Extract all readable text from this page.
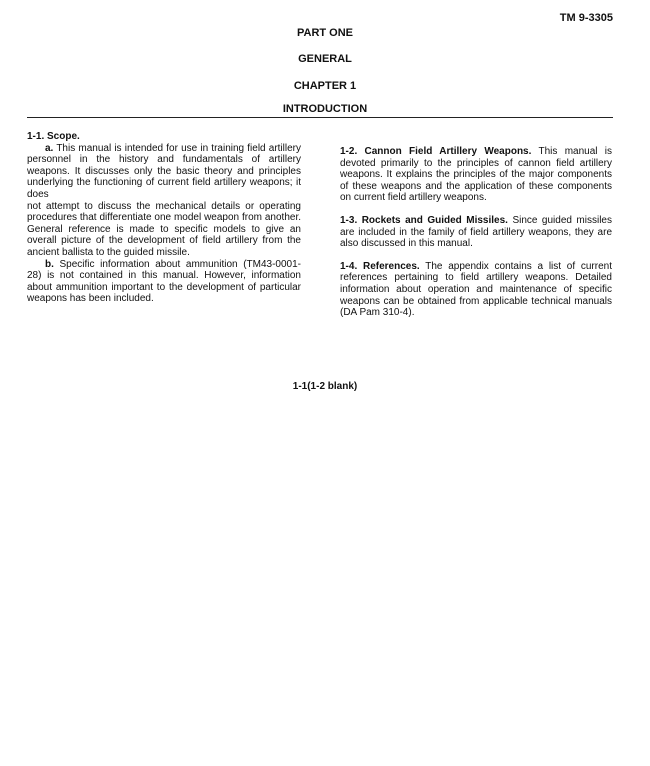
TM 9-3305
PART ONE
GENERAL
CHAPTER 1
INTRODUCTION

1-1. Scope.

a. This manual is intended for use in training field artillery personnel in the history and fundamentals of artillery weapons. It discusses only the basic theory and principles underlying the functioning of current field artillery weapons; it does

not attempt to discuss the mechanical details or operating procedures that differentiate one model weapon from another. General reference is made to specific models to give an overall picture of the development of field artillery from the ancient ballista to the guided missile.

b. Specific information about ammunition (TM43-0001-28) is not contained in this manual. However, information about ammunition important to the development of particular weapons has been included.

1-2. Cannon Field Artillery Weapons. This manual is devoted primarily to the principles of cannon field artillery weapons. It explains the principles of the major components of these weapons and the application of these components on current field artillery weapons.

1-3. Rockets and Guided Missiles. Since guided missiles are included in the family of field artillery weapons, they are also discussed in this manual.

1-4. References. The appendix contains a list of current references pertaining to field artillery weapons. Detailed information about operation and maintenance of specific weapons can be obtained from applicable technical manuals (DA Pam 310-4).

1-1(1-2 blank)
